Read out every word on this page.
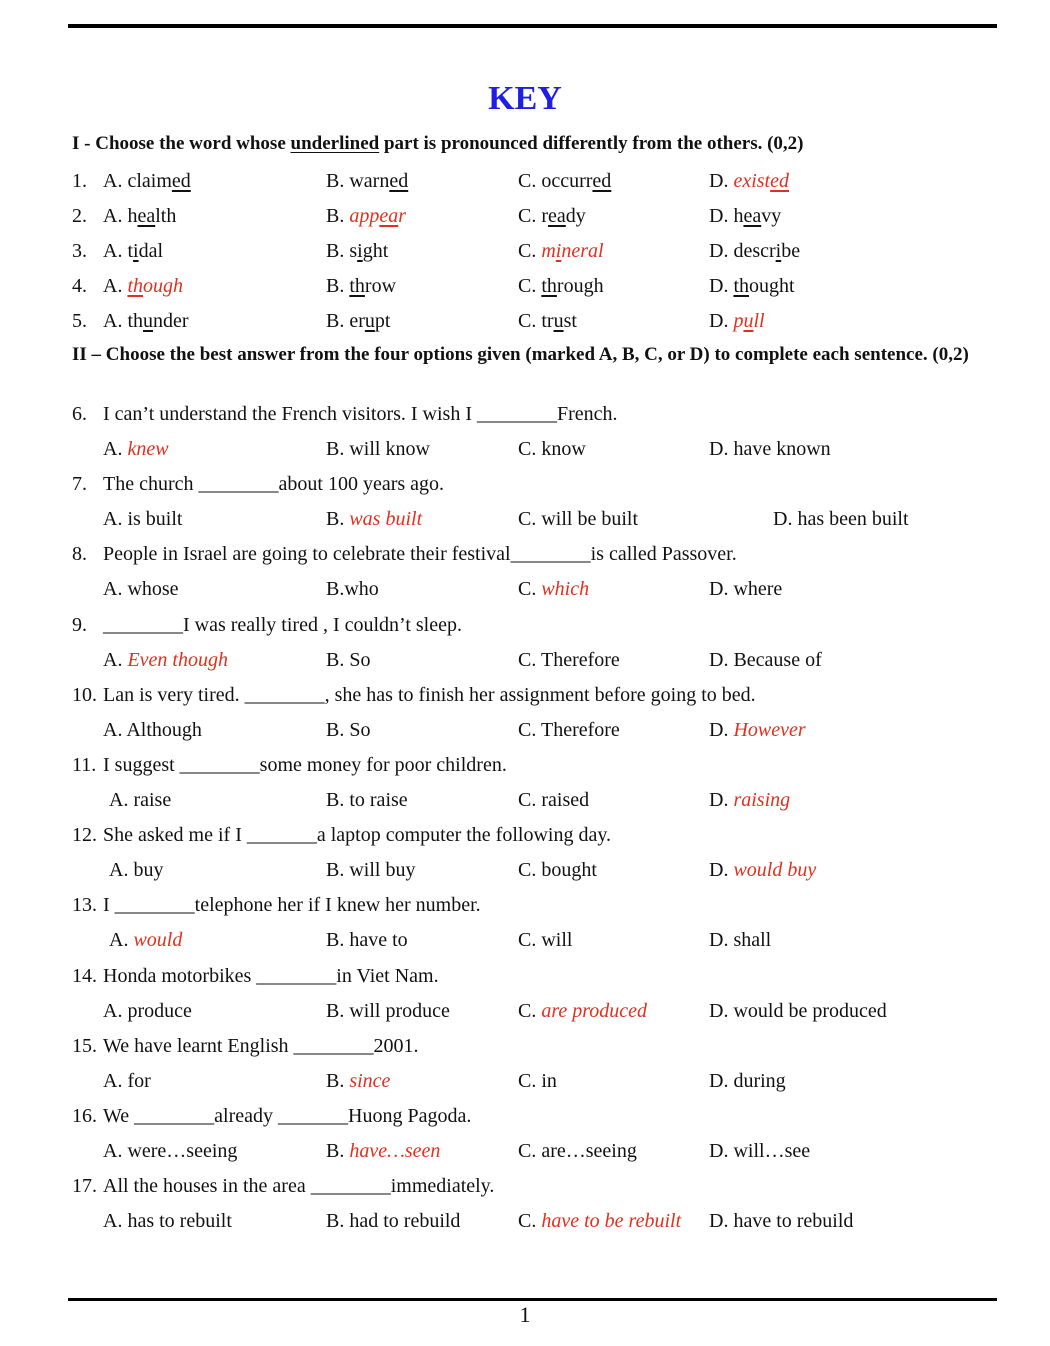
KEY
I - Choose the word whose underlined part is pronounced differently from the others. (0,2)
1. A. claimed	B. warned	C. occurred	D. existed
2. A. health	B. appear	C. ready	D. heavy
3. A. tidal	B. sight	C. mineral	D. describe
4. A. though	B. throw	C. through	D. thought
5. A. thunder	B. erupt	C. trust	D. pull
II – Choose the best answer from the four options given (marked A, B, C, or D) to complete each sentence. (0,2)
6. I can’t understand the French visitors. I wish I ________French.
A. knew	B. will know	C. know	D. have known
7. The church ________about 100 years ago.
A. is built	B. was built	C. will be built	D. has been built
8. People in Israel are going to celebrate their festival________is called Passover.
A. whose	B.who	C. which	D. where
9. ________I was really tired , I couldn’t sleep.
A. Even though	B. So	C. Therefore	D. Because of
10. Lan is very tired. ________, she has to finish her assignment before going to bed.
A. Although	B. So	C. Therefore	D. However
11. I suggest ________some money for poor children.
A. raise	B. to raise	C. raised	D. raising
12. She asked me if I _______a laptop computer the following day.
A. buy	B. will buy	C. bought	D. would buy
13. I ________telephone her if I knew her number.
A. would	B. have to	C. will	D. shall
14. Honda motorbikes ________in Viet Nam.
A. produce	B. will produce	C. are produced	D. would be produced
15. We have learnt English ________2001.
A. for	B. since	C. in	D. during
16. We ________already _______Huong Pagoda.
A. were…seeing	B. have…seen	C. are…seeing	D. will…see
17. All the houses in the area ________immediately.
A. has to rebuilt	B. had to rebuild	C. have to be rebuilt D. have to rebuild
1
